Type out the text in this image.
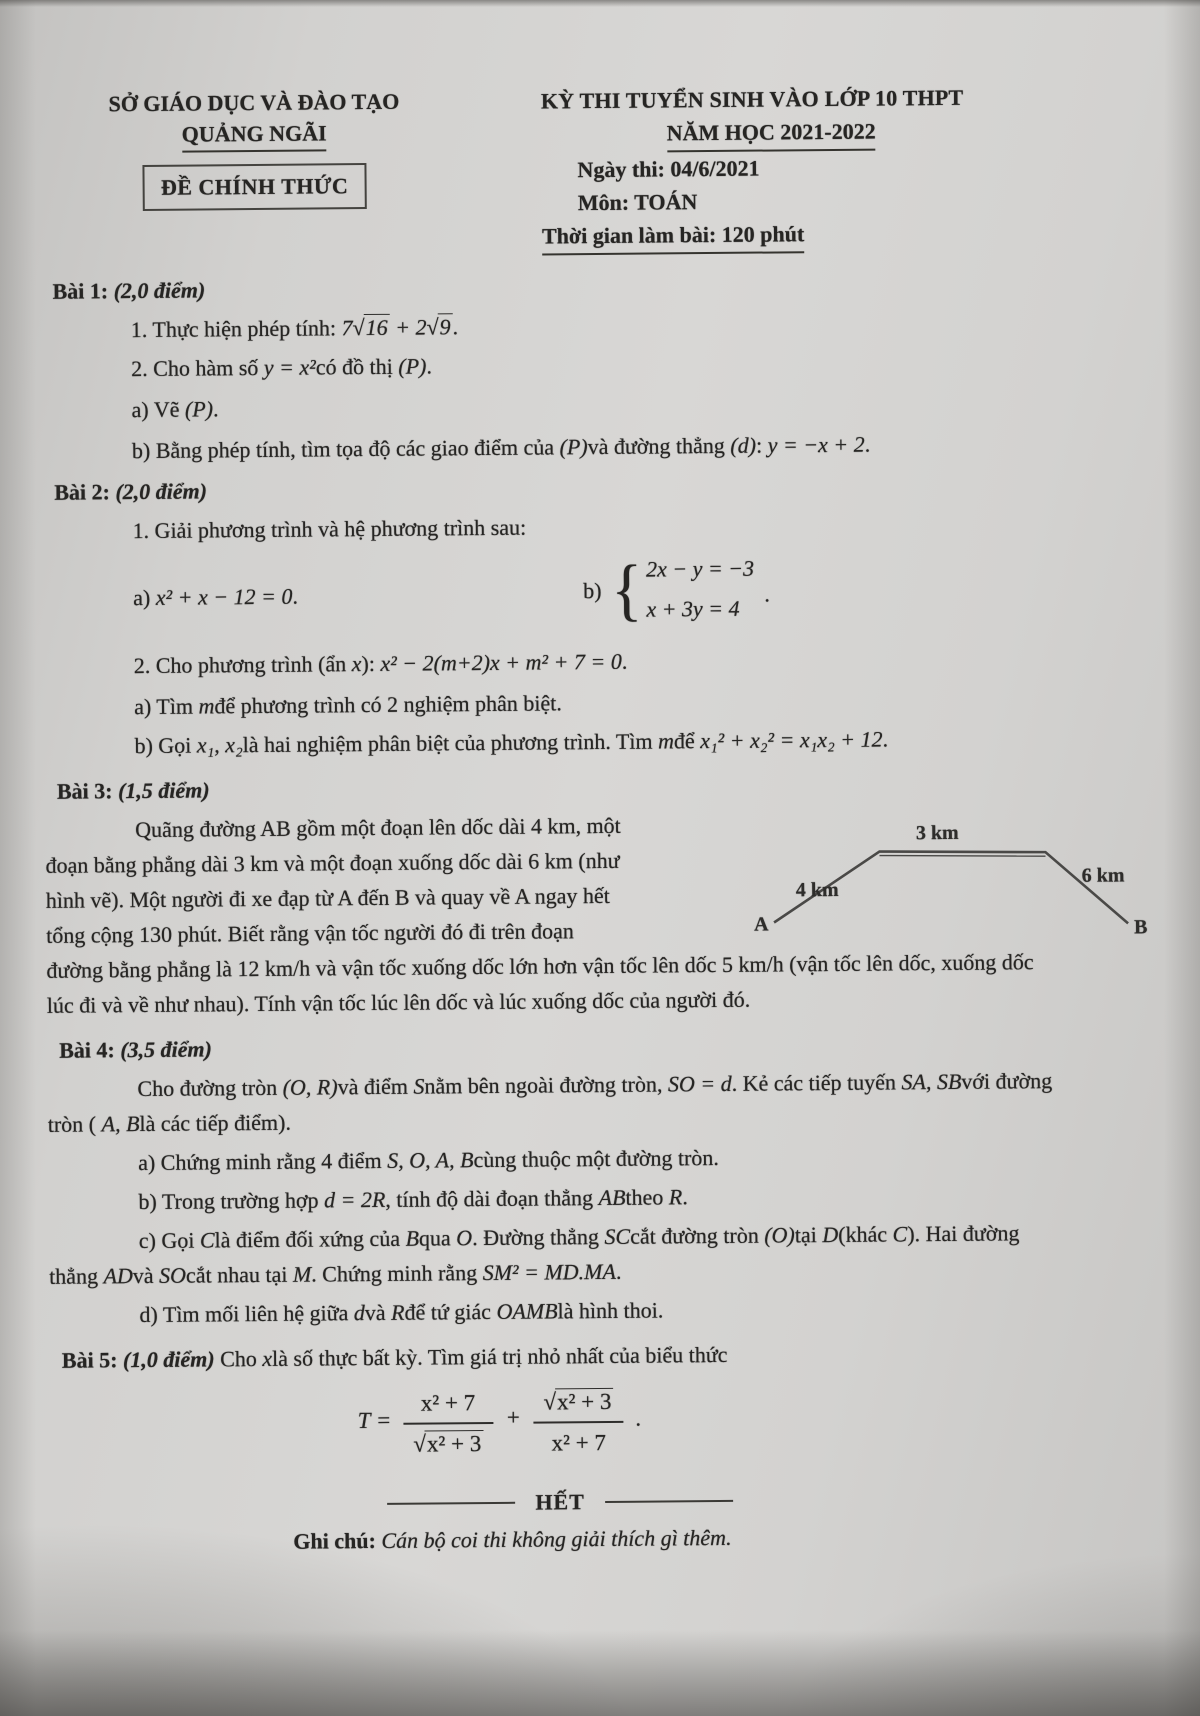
SỞ GIÁO DỤC VÀ ĐÀO TẠO
QUẢNG NGÃI
ĐỀ CHÍNH THỨC
KỲ THI TUYỂN SINH VÀO LỚP 10 THPT
NĂM HỌC 2021-2022
Ngày thi: 04/6/2021
Môn: TOÁN
Thời gian làm bài: 120 phút

Bài 1: (2,0 điểm)

1. Thực hiện phép tính: 7√16 + 2√9.

2. Cho hàm số y = x²có đồ thị (P).

a) Vẽ (P).

b) Bằng phép tính, tìm tọa độ các giao điểm của (P)và đường thẳng (d): y = −x + 2.

Bài 2: (2,0 điểm)

1. Giải phương trình và hệ phương trình sau:

a) x² + x − 12 = 0.	b) { 2x − y = −3
x + 3y = 4
.

2. Cho phương trình (ẩn x): x² − 2(m+2)x + m² + 7 = 0.

a) Tìm mđể phương trình có 2 nghiệm phân biệt.

b) Gọi x₁, x₂là hai nghiệm phân biệt của phương trình. Tìm mđể x₁² + x₂² = x₁x₂ + 12.

Bài 3: (1,5 điểm)

3 km
4 km
6 km
A	B
Quãng đường AB gồm một đoạn lên dốc dài 4 km, một đoạn bằng phẳng dài 3 km và một đoạn xuống dốc dài 6 km (như hình vẽ). Một người đi xe đạp từ A đến B và quay về A ngay hết tổng cộng 130 phút. Biết rằng vận tốc người đó đi trên đoạn đường bằng phẳng là 12 km/h và vận tốc xuống dốc lớn hơn vận tốc lên dốc 5 km/h (vận tốc lên dốc, xuống dốc lúc đi và về như nhau). Tính vận tốc lúc lên dốc và lúc xuống dốc của người đó.

Bài 4: (3,5 điểm)

Cho đường tròn (O, R)và điểm Snằm bên ngoài đường tròn, SO = d. Kẻ các tiếp tuyến SA, SBvới đường tròn ( A, Blà các tiếp điểm).

a) Chứng minh rằng 4 điểm S, O, A, Bcùng thuộc một đường tròn.

b) Trong trường hợp d = 2R, tính độ dài đoạn thẳng ABtheo R.

c) Gọi Clà điểm đối xứng của Bqua O. Đường thẳng SCcắt đường tròn (O)tại D(khác C). Hai đường thẳng ADvà SOcắt nhau tại M. Chứng minh rằng SM² = MD.MA.

d) Tìm mối liên hệ giữa dvà Rđể tứ giác OAMBlà hình thoi.

Bài 5: (1,0 điểm) Cho xlà số thực bất kỳ. Tìm giá trị nhỏ nhất của biểu thức

$T = \frac{\text{x² + 7}}{\text{√x² + 3}} + \frac{\text{√x² + 3}}{\text{x² + 7}}$ .
HẾT

Ghi chú: Cán bộ coi thi không giải thích gì thêm.
